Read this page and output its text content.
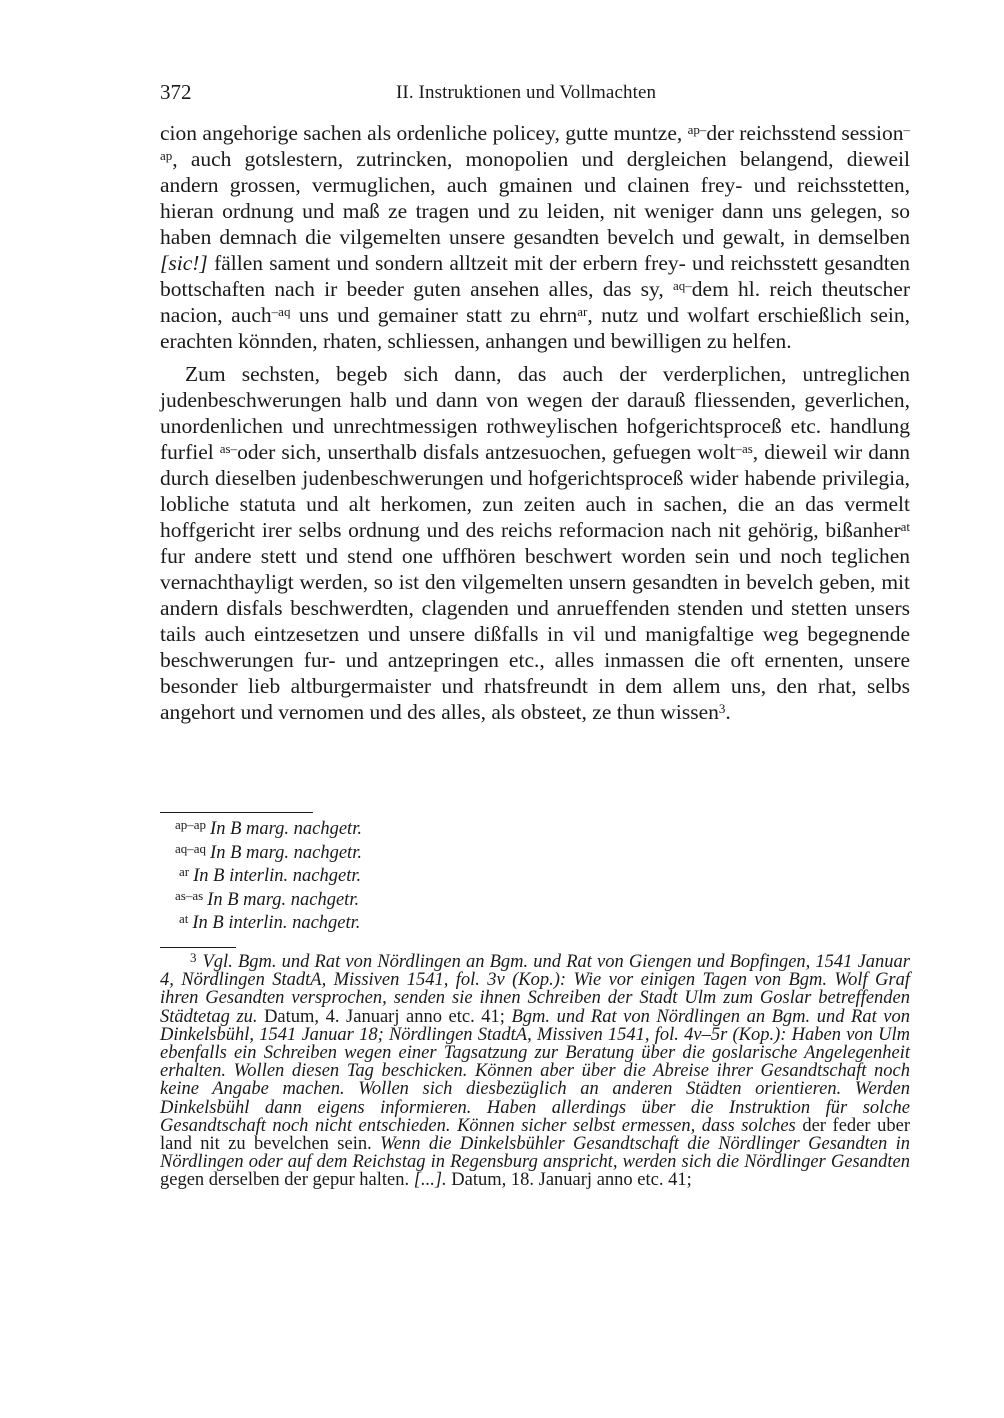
372	II. Instruktionen und Vollmachten

cion angehorige sachen als ordenliche policey, gutte muntze, $^{ap-}$der reichsstend session$^{-ap}$, auch gotslestern, zutrincken, monopolien und dergleichen belangend, dieweil andern grossen, vermuglichen, auch gmainen und clainen frey- und reichsstetten, hieran ordnung und maß ze tragen und zu leiden, nit weniger dann uns gelegen, so haben demnach die vilgemelten unsere gesandten bevelch und gewalt, in demselben [sic!] fällen sament und sondern alltzeit mit der erbern frey- und reichsstett gesandten bottschaften nach ir beeder guten ansehen alles, das sy, $^{aq-}$dem hl. reich theutscher nacion, auch$^{-aq}$ uns und gemainer statt zu ehrn$^{ar}$, nutz und wolfart erschießlich sein, erachten könnden, rhaten, schliessen, anhangen und bewilligen zu helfen.

Zum sechsten, begeb sich dann, das auch der verderplichen, untreglichen judenbeschwerungen halb und dann von wegen der darauß fliessenden, geverlichen, unordenlichen und unrechtmessigen rothweylischen hofgerichtsproceß etc. handlung furfiel $^{as-}$oder sich, unserthalb disfals antzesuochen, gefuegen wolt$^{-as}$, dieweil wir dann durch dieselben judenbeschwerungen und hofgerichtsproceß wider habende privilegia, lobliche statuta und alt herkomen, zun zeiten auch in sachen, die an das vermelt hoffgericht irer selbs ordnung und des reichs reformacion nach nit gehörig, bißanher$^{at}$ fur andere stett und stend one uffhören beschwert worden sein und noch teglichen vernachthayligt werden, so ist den vilgemelten unsern gesandten in bevelch geben, mit andern disfals beschwerdten, clagenden und anrueffenden stenden und stetten unsers tails auch eintzesetzen und unsere dißfalls in vil und manigfaltige weg begegnende beschwerungen fur- und antzepringen etc., alles inmassen die oft ernenten, unsere besonder lieb altburgermaister und rhatsfreundt in dem allem uns, den rhat, selbs angehort und vernomen und des alles, als obsteet, ze thun wissen$^3$.

$^{ap-ap}$ In B marg. nachgetr.
$^{aq-aq}$ In B marg. nachgetr.
$^{ar}$ In B interlin. nachgetr.
$^{as-as}$ In B marg. nachgetr.
$^{at}$ In B interlin. nachgetr.

$^3$ Vgl. Bgm. und Rat von Nördlingen an Bgm. und Rat von Giengen und Bopfingen, 1541 Januar 4, Nördlingen StadtA, Missiven 1541, fol. 3v (Kop.): Wie vor einigen Tagen von Bgm. Wolf Graf ihren Gesandten versprochen, senden sie ihnen Schreiben der Stadt Ulm zum Goslar betreffenden Städtetag zu. Datum, 4. Januarj anno etc. 41; Bgm. und Rat von Nördlingen an Bgm. und Rat von Dinkelsbühl, 1541 Januar 18; Nördlingen StadtA, Missiven 1541, fol. 4v–5r (Kop.): Haben von Ulm ebenfalls ein Schreiben wegen einer Tagsatzung zur Beratung über die goslarische Angelegenheit erhalten. Wollen diesen Tag beschicken. Können aber über die Abreise ihrer Gesandtschaft noch keine Angabe machen. Wollen sich diesbezüglich an anderen Städten orientieren. Werden Dinkelsbühl dann eigens informieren. Haben allerdings über die Instruktion für solche Gesandtschaft noch nicht entschieden. Können sicher selbst ermessen, dass solches der feder uber land nit zu bevelchen sein. Wenn die Dinkelsbühler Gesandtschaft die Nördlinger Gesandten in Nördlingen oder auf dem Reichstag in Regensburg anspricht, werden sich die Nördlinger Gesandten gegen derselben der gepur halten. [...]. Datum, 18. Januarj anno etc. 41;
